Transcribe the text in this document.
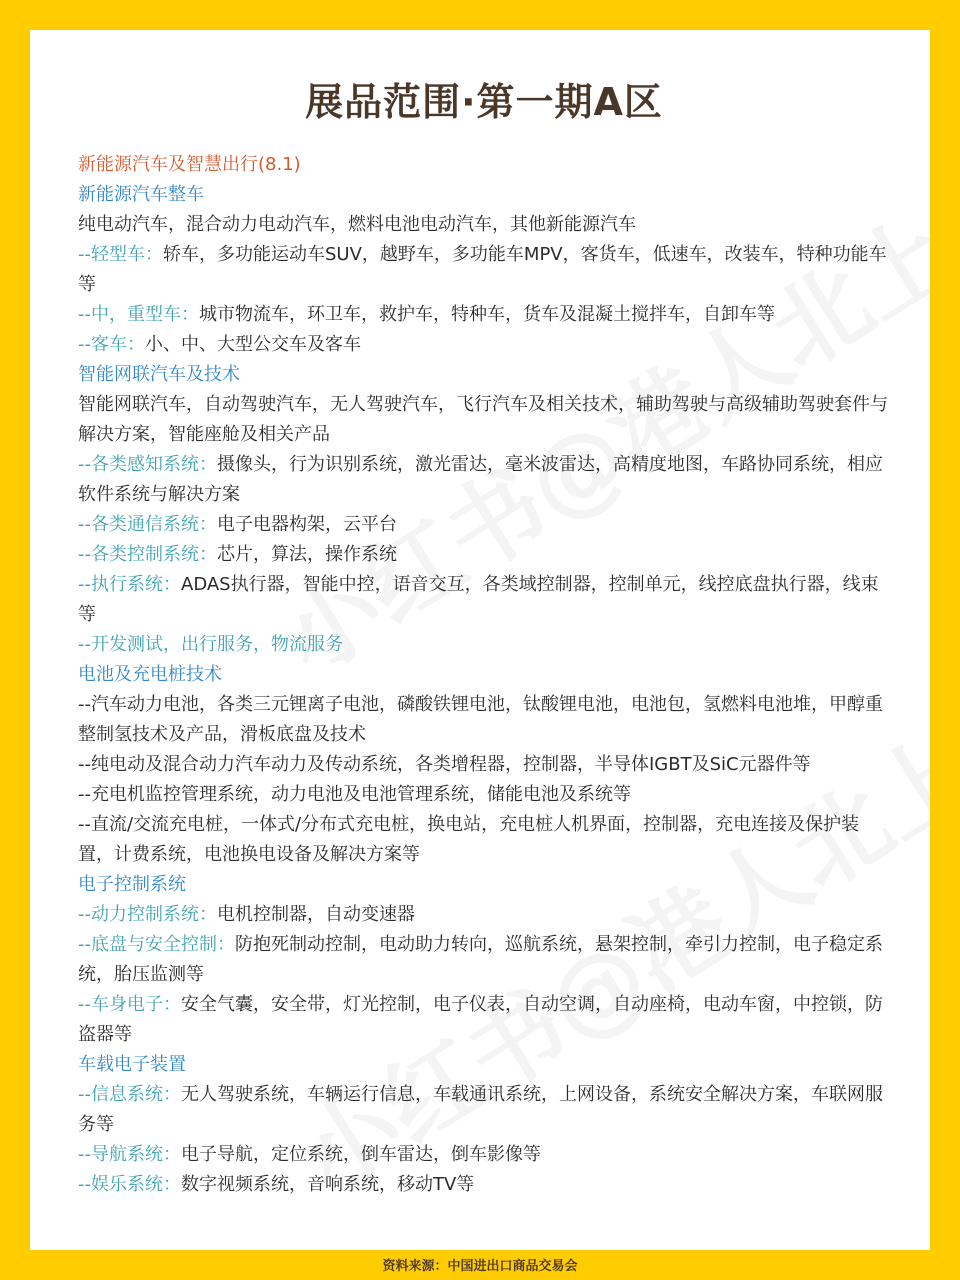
展品范围·第一期A区

新能源汽车及智慧出行(8.1)

新能源汽车整车

纯电动汽车，混合动力电动汽车，燃料电池电动汽车，其他新能源汽车

--轻型车：轿车，多功能运动车SUV，越野车，多功能车MPV，客货车，低速车，改装车，特种功能车等

--中，重型车：城市物流车，环卫车，救护车，特种车，货车及混凝土搅拌车，自卸车等

--客车：小、中、大型公交车及客车

智能网联汽车及技术

智能网联汽车，自动驾驶汽车，无人驾驶汽车，飞行汽车及相关技术，辅助驾驶与高级辅助驾驶套件与解决方案，智能座舱及相关产品

--各类感知系统：摄像头，行为识别系统，激光雷达，毫米波雷达，高精度地图，车路协同系统，相应软件系统与解决方案

--各类通信系统：电子电器构架，云平台

--各类控制系统：芯片，算法，操作系统

--执行系统：ADAS执行器，智能中控，语音交互，各类域控制器，控制单元，线控底盘执行器，线束等

--开发测试，出行服务，物流服务

电池及充电桩技术

--汽车动力电池，各类三元锂离子电池，磷酸铁锂电池，钛酸锂电池，电池包，氢燃料电池堆，甲醇重整制氢技术及产品，滑板底盘及技术

--纯电动及混合动力汽车动力及传动系统，各类增程器，控制器，半导体IGBT及SiC元器件等

--充电机监控管理系统，动力电池及电池管理系统，储能电池及系统等

--直流/交流充电桩，一体式/分布式充电桩，换电站，充电桩人机界面，控制器，充电连接及保护装置，计费系统，电池换电设备及解决方案等

电子控制系统

--动力控制系统：电机控制器，自动变速器

--底盘与安全控制：防抱死制动控制，电动助力转向，巡航系统，悬架控制，牵引力控制，电子稳定系统，胎压监测等

--车身电子：安全气囊，安全带，灯光控制，电子仪表，自动空调，自动座椅，电动车窗，中控锁，防盗器等

车载电子装置

--信息系统：无人驾驶系统，车辆运行信息，车载通讯系统，上网设备，系统安全解决方案，车联网服务等

--导航系统：电子导航，定位系统，倒车雷达，倒车影像等

--娱乐系统：数字视频系统，音响系统，移动TV等

资料来源：中国进出口商品交易会
